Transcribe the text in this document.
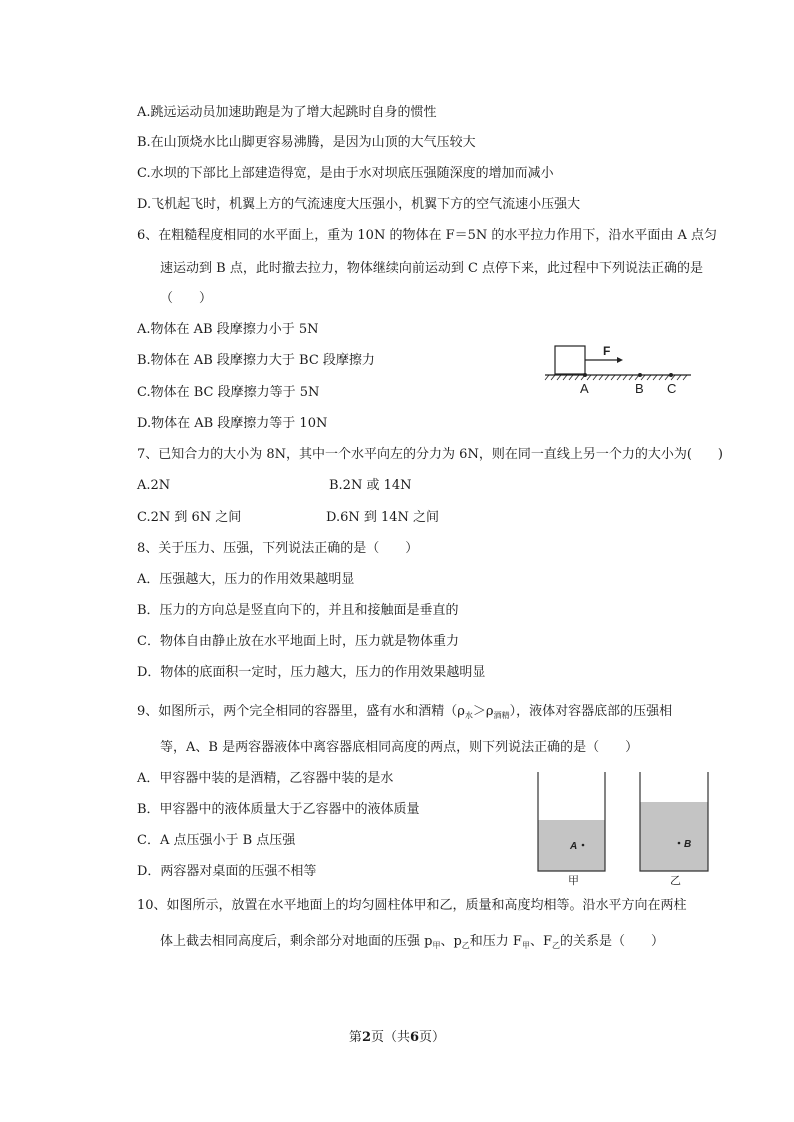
A.跳远运动员加速助跑是为了增大起跳时自身的惯性
B.在山顶烧水比山脚更容易沸腾，是因为山顶的大气压较大
C.水坝的下部比上部建造得宽，是由于水对坝底压强随深度的增加而减小
D.飞机起飞时，机翼上方的气流速度大压强小，机翼下方的空气流速小压强大
6、在粗糙程度相同的水平面上，重为 10N 的物体在 F＝5N 的水平拉力作用下，沿水平面由 A 点匀
速运动到 B 点，此时撤去拉力，物体继续向前运动到 C 点停下来，此过程中下列说法正确的是
（　　）
A.物体在 AB 段摩擦力小于 5N
B.物体在 AB 段摩擦力大于 BC 段摩擦力
C.物体在 BC 段摩擦力等于 5N
D.物体在 AB 段摩擦力等于 10N
F
A	B C
7、已知合力的大小为 8N，其中一个水平向左的分力为 6N，则在同一直线上另一个力的大小为(　　)
A.2N	B.2N 或 14N
C.2N 到 6N 之间	D.6N 到 14N 之间
8、关于压力、压强，下列说法正确的是（　　）
A．压强越大，压力的作用效果越明显
B．压力的方向总是竖直向下的，并且和接触面是垂直的
C．物体自由静止放在水平地面上时，压力就是物体重力
D．物体的底面积一定时，压力越大，压力的作用效果越明显
9、如图所示，两个完全相同的容器里，盛有水和酒精$(\rho_水>\rho_{酒精})$，液体对容器底部的压强相
等，A、B 是两容器液体中离容器底相同高度的两点，则下列说法正确的是（　　）
A．甲容器中装的是酒精，乙容器中装的是水
B．甲容器中的液体质量大于乙容器中的液体质量
C．A 点压强小于 B 点压强
D．两容器对桌面的压强不相等
A	B
甲	乙
10、如图所示，放置在水平地面上的均匀圆柱体甲和乙，质量和高度均相等。沿水平方向在两柱
体上截去相同高度后，剩余部分对地面的压强 $p_甲$、$p_乙$和压力 $F_甲$、$F_乙$的关系是（　　）
第2页（共6页）
